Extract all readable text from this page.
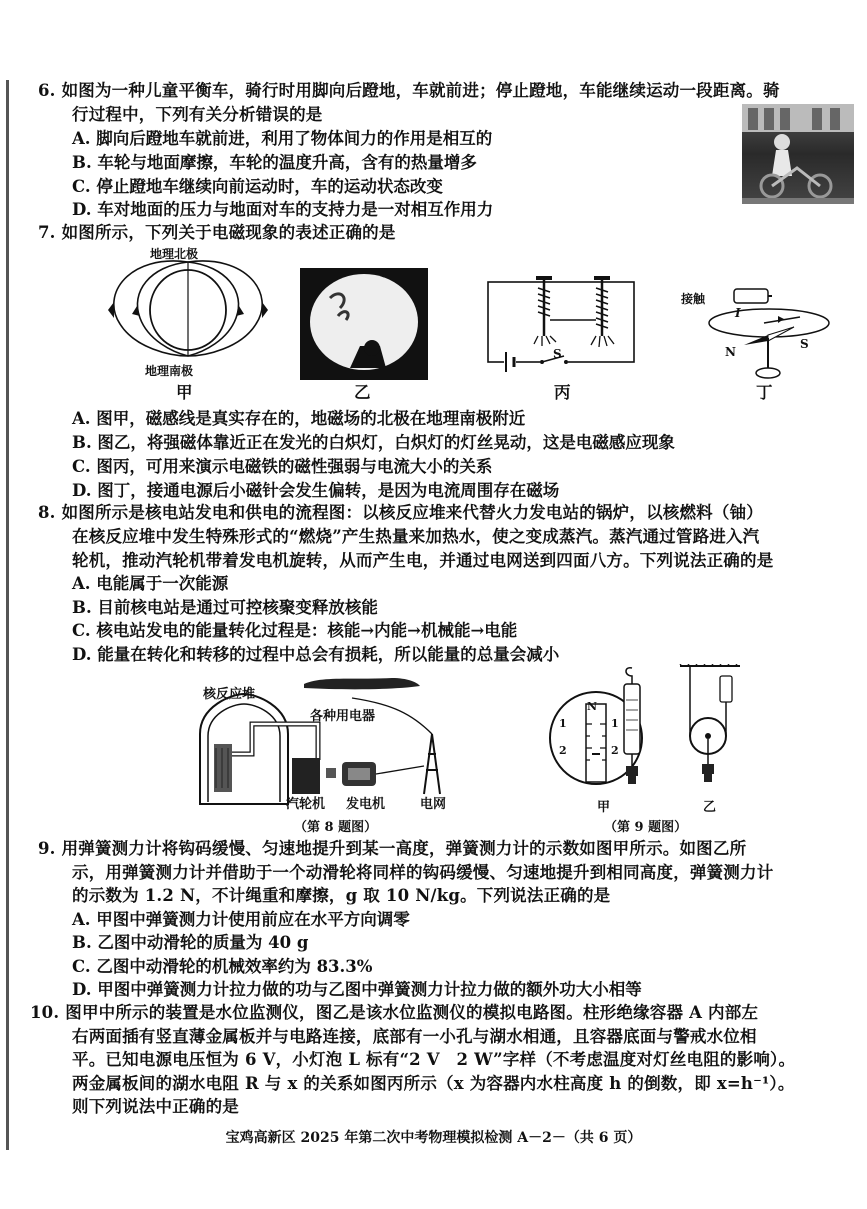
6. 如图为一种儿童平衡车，骑行时用脚向后蹬地，车就前进；停止蹬地，车能继续运动一段距离。骑
行过程中，下列有关分析错误的是
A. 脚向后蹬地车就前进，利用了物体间力的作用是相互的
B. 车轮与地面摩擦，车轮的温度升高，含有的热量增多
C. 停止蹬地车继续向前运动时，车的运动状态改变
D. 车对地面的压力与地面对车的支持力是一对相互作用力
7. 如图所示，下列关于电磁现象的表述正确的是
地理北极
地理南极
甲	乙
S
丙
接触
I
N
S
丁
A. 图甲，磁感线是真实存在的，地磁场的北极在地理南极附近
B. 图乙，将强磁体靠近正在发光的白炽灯，白炽灯的灯丝晃动，这是电磁感应现象
C. 图丙，可用来演示电磁铁的磁性强弱与电流大小的关系
D. 图丁，接通电源后小磁针会发生偏转，是因为电流周围存在磁场
8. 如图所示是核电站发电和供电的流程图：以核反应堆来代替火力发电站的锅炉，以核燃料（铀）
在核反应堆中发生特殊形式的“燃烧”产生热量来加热水，使之变成蒸汽。蒸汽通过管路进入汽
轮机，推动汽轮机带着发电机旋转，从而产生电，并通过电网送到四面八方。下列说法正确的是
A. 电能属于一次能源
B. 目前核电站是通过可控核聚变释放核能
C. 核电站发电的能量转化过程是：核能→内能→机械能→电能
D. 能量在转化和转移的过程中总会有损耗，所以能量的总量会减小
核反应堆
各种用电器
汽轮机 发电机	电网
（第 8 题图）
N
1	1
2	2
甲	乙
（第 9 题图）
9. 用弹簧测力计将钩码缓慢、匀速地提升到某一高度，弹簧测力计的示数如图甲所示。如图乙所
示，用弹簧测力计并借助于一个动滑轮将同样的钩码缓慢、匀速地提升到相同高度，弹簧测力计
的示数为 1.2 N，不计绳重和摩擦，g 取 10 N/kg。下列说法正确的是
A. 甲图中弹簧测力计使用前应在水平方向调零
B. 乙图中动滑轮的质量为 40 g
C. 乙图中动滑轮的机械效率约为 83.3%
D. 甲图中弹簧测力计拉力做的功与乙图中弹簧测力计拉力做的额外功大小相等
10. 图甲中所示的装置是水位监测仪，图乙是该水位监测仪的模拟电路图。柱形绝缘容器 A 内部左
右两面插有竖直薄金属板并与电路连接，底部有一小孔与湖水相通，且容器底面与警戒水位相
平。已知电源电压恒为 6 V，小灯泡 L 标有“2 V　2 W”字样（不考虑温度对灯丝电阻的影响）。
两金属板间的湖水电阻 R 与 x 的关系如图丙所示（x 为容器内水柱高度 h 的倒数，即 x=h⁻¹）。
则下列说法中正确的是
宝鸡高新区 2025 年第二次中考物理模拟检测 A－2－（共 6 页）
